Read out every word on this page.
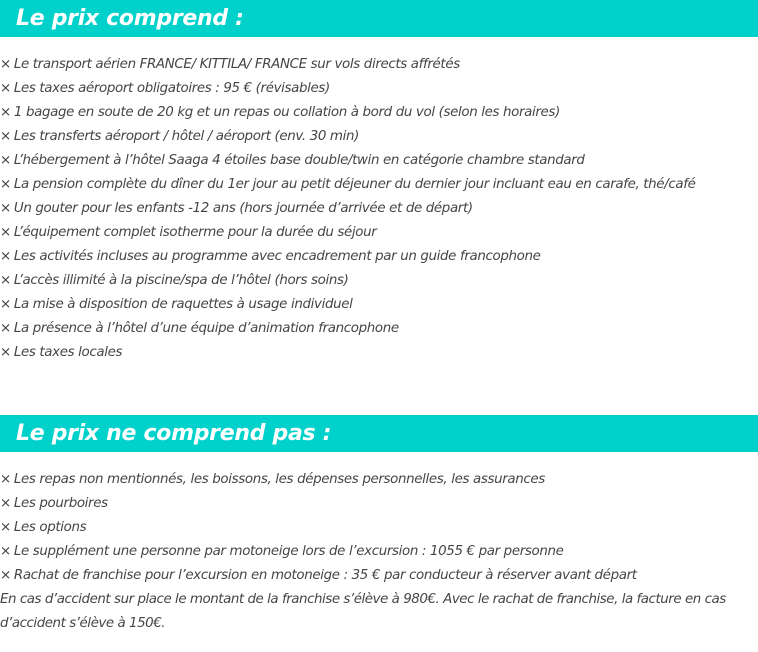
Le prix comprend :
× Le transport aérien FRANCE/ KITTILA/ FRANCE sur vols directs affrétés
× Les taxes aéroport obligatoires : 95 € (révisables)
× 1 bagage en soute de 20 kg et un repas ou collation à bord du vol (selon les horaires)
× Les transferts aéroport / hôtel / aéroport (env. 30 min)
× L’hébergement à l’hôtel Saaga 4 étoiles base double/twin en catégorie chambre standard
× La pension complète du dîner du 1er jour au petit déjeuner du dernier jour incluant eau en carafe, thé/café
× Un gouter pour les enfants -12 ans (hors journée d’arrivée et de départ)
× L’équipement complet isotherme pour la durée du séjour
× Les activités incluses au programme avec encadrement par un guide francophone
× L’accès illimité à la piscine/spa de l’hôtel (hors soins)
× La mise à disposition de raquettes à usage individuel
× La présence à l’hôtel d’une équipe d’animation francophone
× Les taxes locales
Le prix ne comprend pas :
× Les repas non mentionnés, les boissons, les dépenses personnelles, les assurances
× Les pourboires
× Les options
× Le supplément une personne par motoneige lors de l’excursion : 1055 € par personne
× Rachat de franchise pour l’excursion en motoneige : 35 € par conducteur à réserver avant départ

En cas d’accident sur place le montant de la franchise s’élève à 980€. Avec le rachat de franchise, la facture en cas d’accident s’élève à 150€.
